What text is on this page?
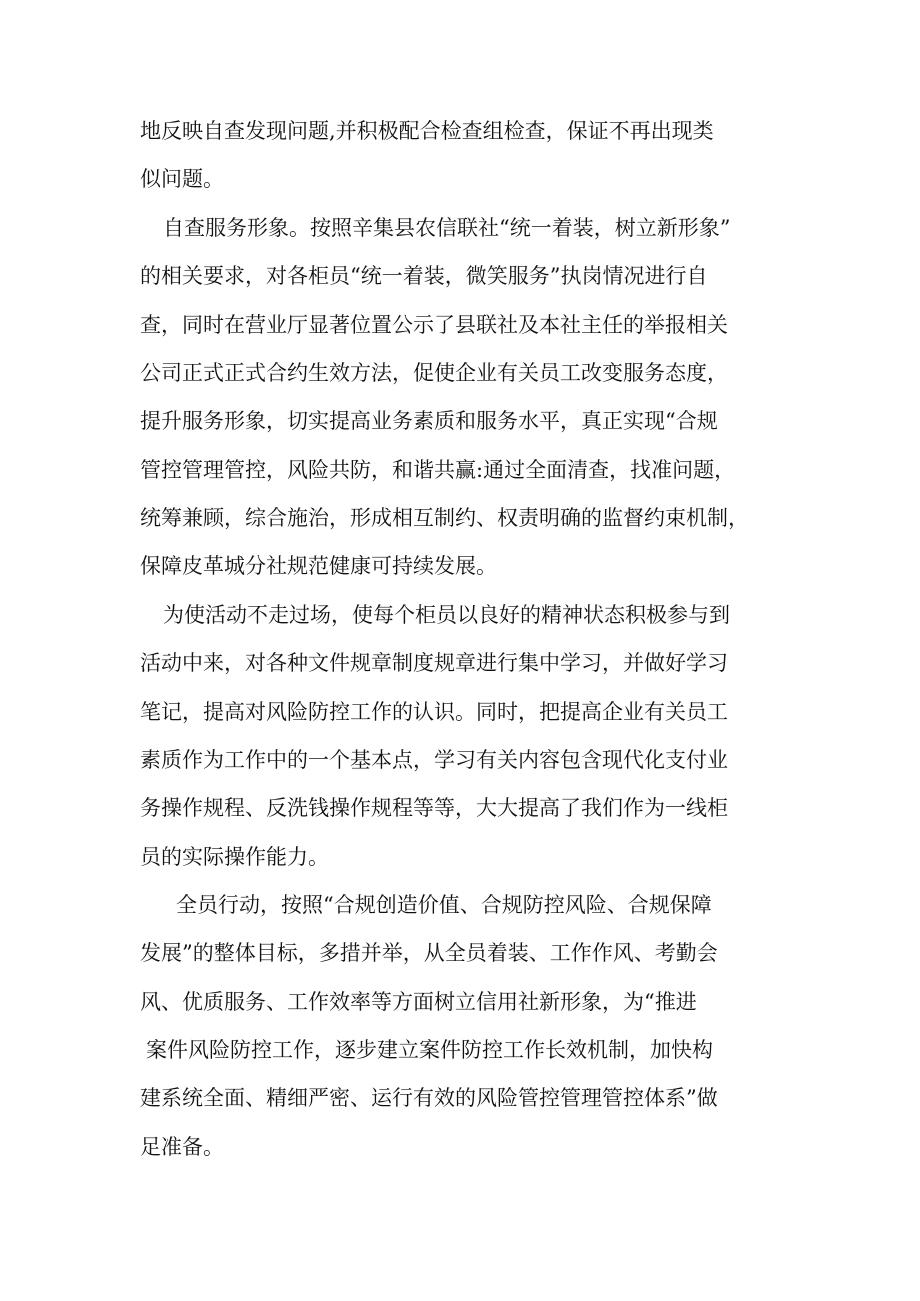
地反映自查发现问题,并积极配合检查组检查，保证不再出现类
似问题。
自查服务形象。按照辛集县农信联社“统一着装，树立新形象”
的相关要求，对各柜员“统一着装，微笑服务”执岗情况进行自
查，同时在营业厅显著位置公示了县联社及本社主任的举报相关
公司正式正式合约生效方法，促使企业有关员工改变服务态度，
提升服务形象，切实提高业务素质和服务水平，真正实现“合规
管控管理管控，风险共防，和谐共赢:通过全面清查，找准问题，
统筹兼顾，综合施治，形成相互制约、权责明确的监督约束机制，
保障皮革城分社规范健康可持续发展。
为使活动不走过场，使每个柜员以良好的精神状态积极参与到
活动中来，对各种文件规章制度规章进行集中学习，并做好学习
笔记，提高对风险防控工作的认识。同时，把提高企业有关员工
素质作为工作中的一个基本点，学习有关内容包含现代化支付业
务操作规程、反洗钱操作规程等等，大大提高了我们作为一线柜
员的实际操作能力。
全员行动，按照“合规创造价值、合规防控风险、合规保障
发展”的整体目标，多措并举，从全员着装、工作作风、考勤会
风、优质服务、工作效率等方面树立信用社新形象，为“推进
案件风险防控工作，逐步建立案件防控工作长效机制，加快构
建系统全面、精细严密、运行有效的风险管控管理管控体系”做
足准备。
